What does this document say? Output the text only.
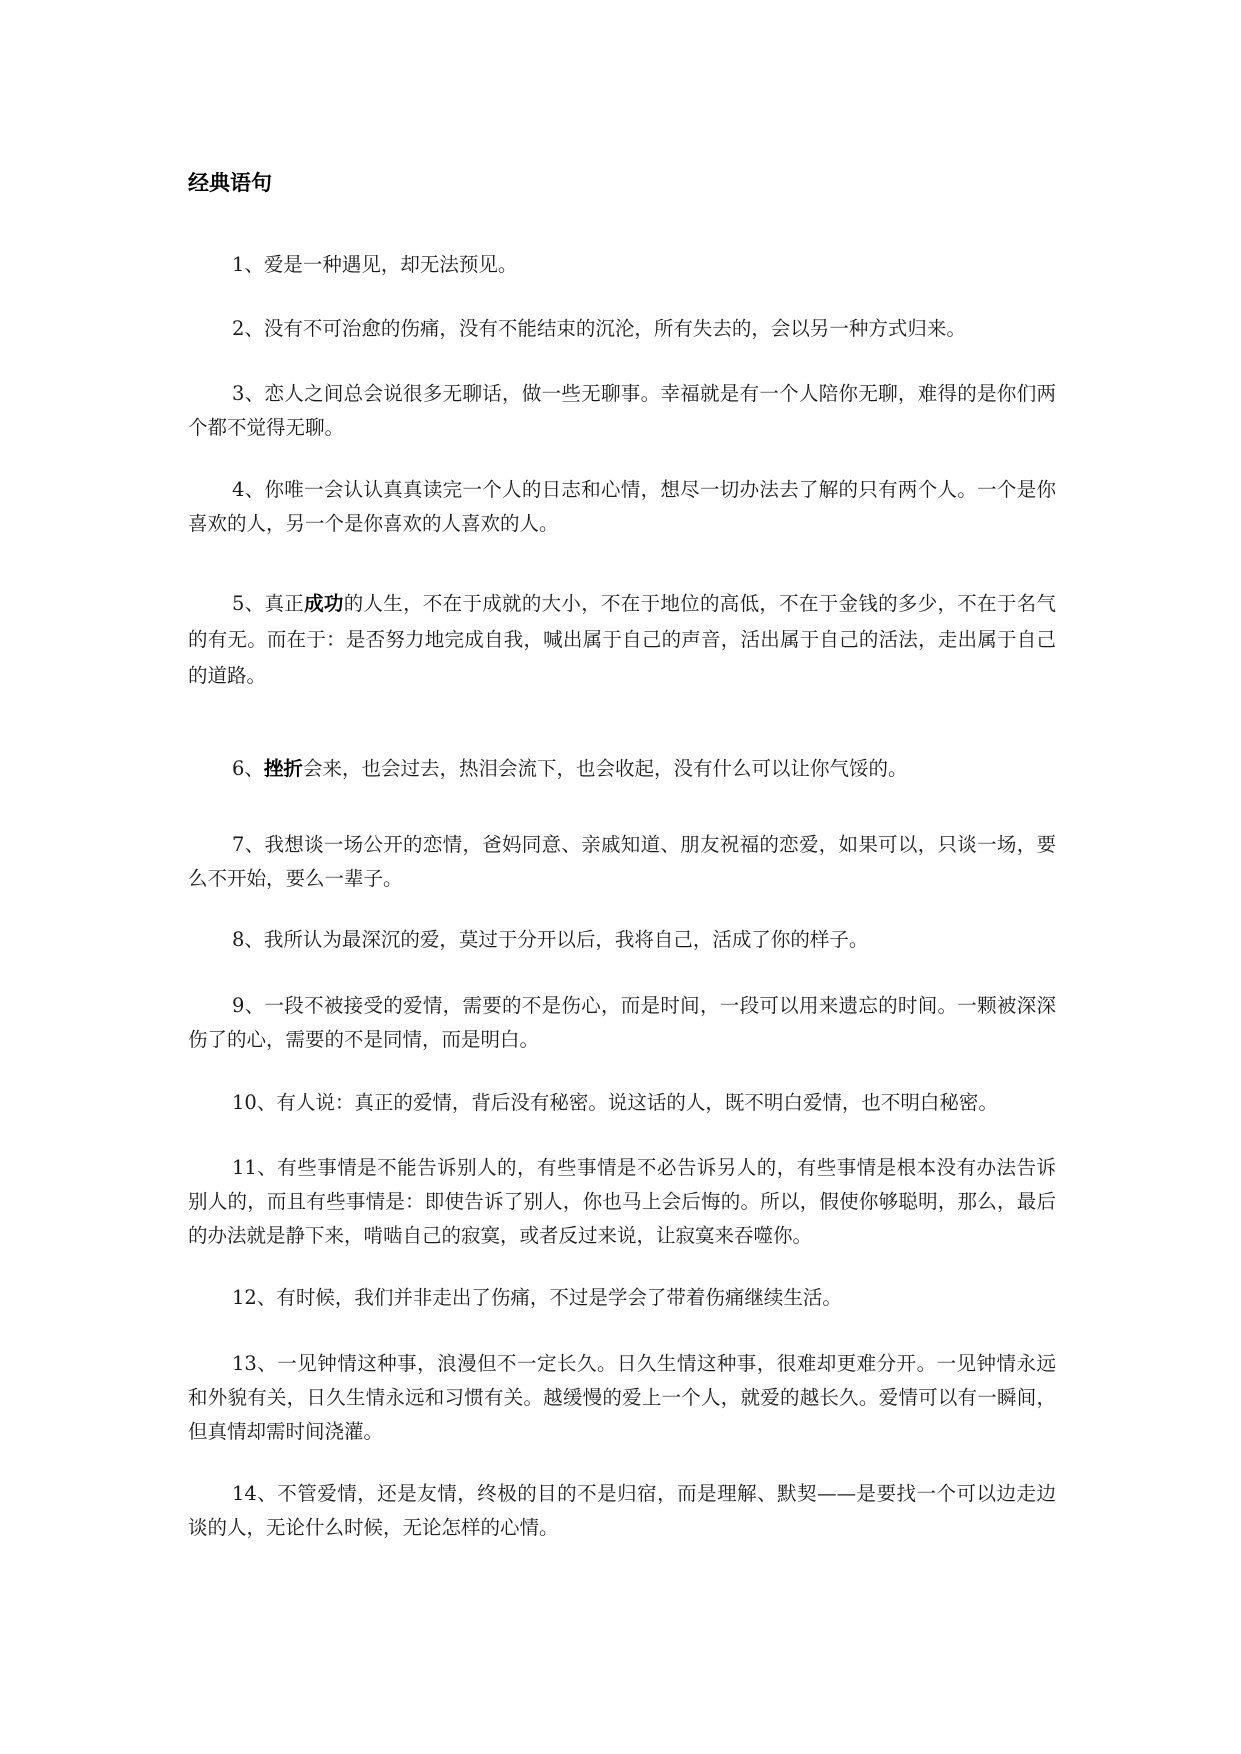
经典语句

1、爱是一种遇见，却无法预见。

2、没有不可治愈的伤痛，没有不能结束的沉沦，所有失去的，会以另一种方式归来。

3、恋人之间总会说很多无聊话，做一些无聊事。幸福就是有一个人陪你无聊，难得的是你们两个都不觉得无聊。

4、你唯一会认认真真读完一个人的日志和心情，想尽一切办法去了解的只有两个人。一个是你喜欢的人，另一个是你喜欢的人喜欢的人。

5、真正成功的人生，不在于成就的大小，不在于地位的高低，不在于金钱的多少，不在于名气的有无。而在于：是否努力地完成自我，喊出属于自己的声音，活出属于自己的活法，走出属于自己的道路。

6、挫折会来，也会过去，热泪会流下，也会收起，没有什么可以让你气馁的。

7、我想谈一场公开的恋情，爸妈同意、亲戚知道、朋友祝福的恋爱，如果可以，只谈一场，要么不开始，要么一辈子。

8、我所认为最深沉的爱，莫过于分开以后，我将自己，活成了你的样子。

9、一段不被接受的爱情，需要的不是伤心，而是时间，一段可以用来遗忘的时间。一颗被深深伤了的心，需要的不是同情，而是明白。

10、有人说：真正的爱情，背后没有秘密。说这话的人，既不明白爱情，也不明白秘密。

11、有些事情是不能告诉别人的，有些事情是不必告诉另人的，有些事情是根本没有办法告诉别人的，而且有些事情是：即使告诉了别人，你也马上会后悔的。所以，假使你够聪明，那么，最后的办法就是静下来，啃啮自己的寂寞，或者反过来说，让寂寞来吞噬你。

12、有时候，我们并非走出了伤痛，不过是学会了带着伤痛继续生活。

13、一见钟情这种事，浪漫但不一定长久。日久生情这种事，很难却更难分开。一见钟情永远和外貌有关，日久生情永远和习惯有关。越缓慢的爱上一个人，就爱的越长久。爱情可以有一瞬间，但真情却需时间浇灌。

14、不管爱情，还是友情，终极的目的不是归宿，而是理解、默契——是要找一个可以边走边谈的人，无论什么时候，无论怎样的心情。
